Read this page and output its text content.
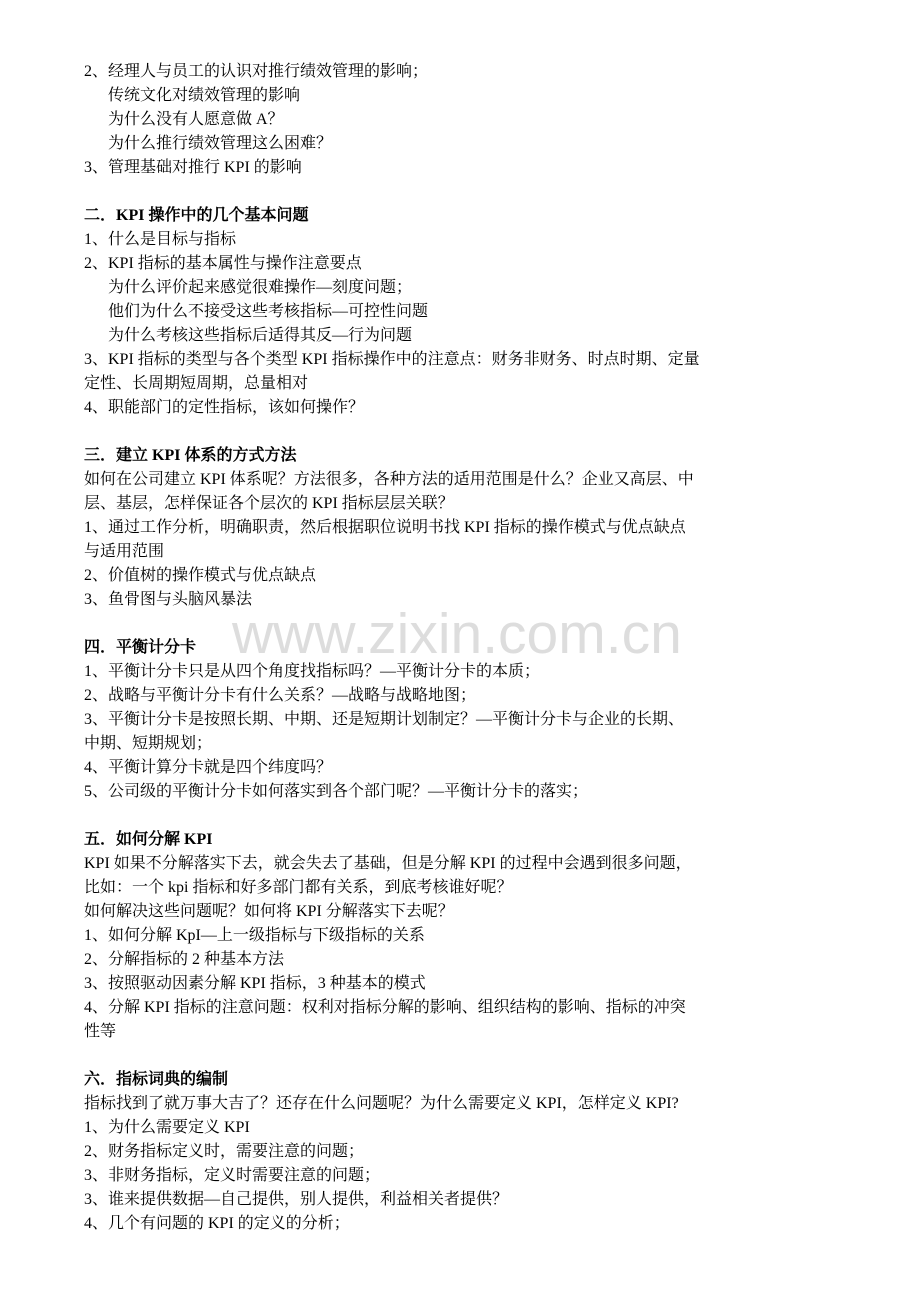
2、经理人与员工的认识对推行绩效管理的影响；
传统文化对绩效管理的影响
为什么没有人愿意做 A？
为什么推行绩效管理这么困难？
3、管理基础对推行 KPI 的影响
二．KPI 操作中的几个基本问题
1、什么是目标与指标
2、KPI 指标的基本属性与操作注意要点
为什么评价起来感觉很难操作—刻度问题；
他们为什么不接受这些考核指标—可控性问题
为什么考核这些指标后适得其反—行为问题
3、KPI 指标的类型与各个类型 KPI 指标操作中的注意点：财务非财务、时点时期、定量
定性、长周期短周期，总量相对
4、职能部门的定性指标，该如何操作？
三．建立 KPI 体系的方式方法
如何在公司建立 KPI 体系呢？方法很多，各种方法的适用范围是什么？企业又高层、中
层、基层，怎样保证各个层次的 KPI 指标层层关联？
1、通过工作分析，明确职责，然后根据职位说明书找 KPI 指标的操作模式与优点缺点
与适用范围
2、价值树的操作模式与优点缺点
3、鱼骨图与头脑风暴法
四．平衡计分卡
1、平衡计分卡只是从四个角度找指标吗？—平衡计分卡的本质；
2、战略与平衡计分卡有什么关系？—战略与战略地图；
3、平衡计分卡是按照长期、中期、还是短期计划制定？—平衡计分卡与企业的长期、
中期、短期规划；
4、平衡计算分卡就是四个纬度吗？
5、公司级的平衡计分卡如何落实到各个部门呢？—平衡计分卡的落实；
五．如何分解 KPI
KPI 如果不分解落实下去，就会失去了基础，但是分解 KPI 的过程中会遇到很多问题，
比如：一个 kpi 指标和好多部门都有关系，到底考核谁好呢？
如何解决这些问题呢？如何将 KPI 分解落实下去呢？
1、如何分解 KpI—上一级指标与下级指标的关系
2、分解指标的 2 种基本方法
3、按照驱动因素分解 KPI 指标，3 种基本的模式
4、分解 KPI 指标的注意问题：权利对指标分解的影响、组织结构的影响、指标的冲突
性等
六．指标词典的编制
指标找到了就万事大吉了？还存在什么问题呢？为什么需要定义 KPI，怎样定义 KPI?
1、为什么需要定义 KPI
2、财务指标定义时，需要注意的问题；
3、非财务指标，定义时需要注意的问题；
3、谁来提供数据—自己提供，别人提供，利益相关者提供？
4、几个有问题的 KPI 的定义的分析；
www.zixin.com.cn
